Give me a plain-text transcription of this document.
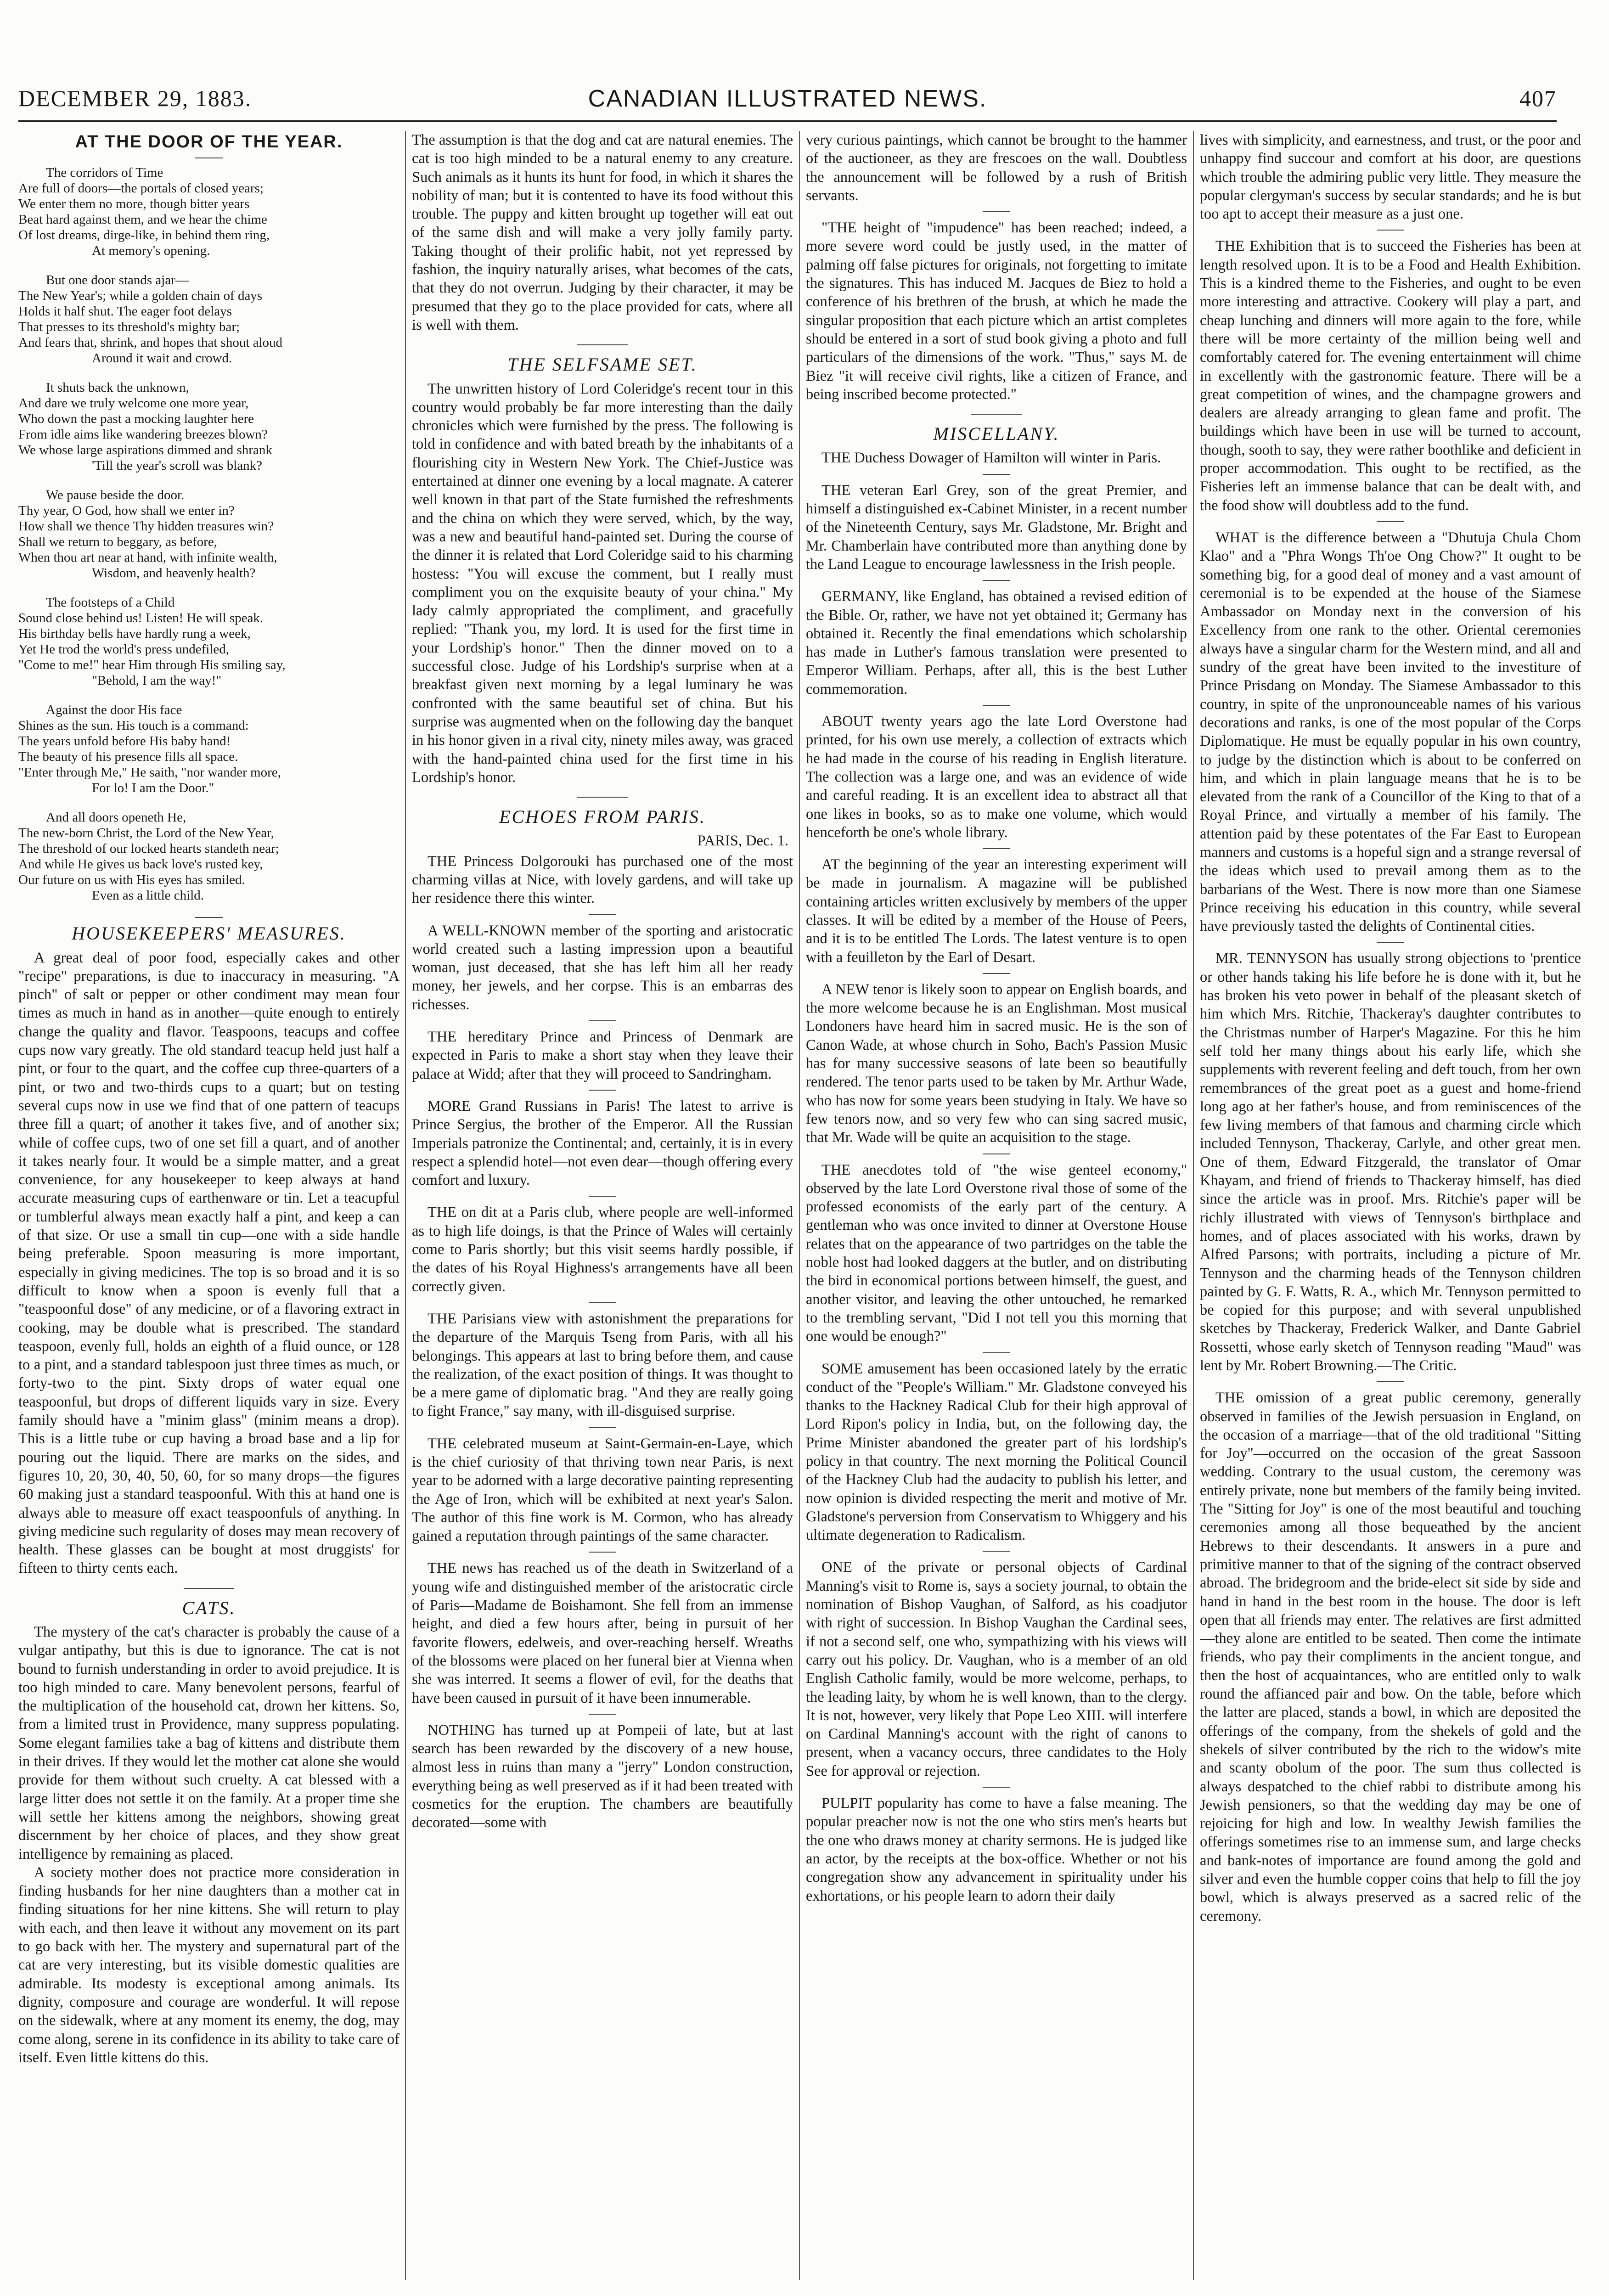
DECEMBER 29, 1883.	CANADIAN ILLUSTRATED NEWS.	407
AT THE DOOR OF THE YEAR.
The corridors of Time
Are full of doors—the portals of closed years;
We enter them no more, though bitter years
Beat hard against them, and we hear the chime
Of lost dreams, dirge-like, in behind them ring,
At memory's opening.
But one door stands ajar—
The New Year's; while a golden chain of days
Holds it half shut. The eager foot delays
That presses to its threshold's mighty bar;
And fears that, shrink, and hopes that shout aloud
Around it wait and crowd.
It shuts back the unknown,
And dare we truly welcome one more year,
Who down the past a mocking laughter here
From idle aims like wandering breezes blown?
We whose large aspirations dimmed and shrank
'Till the year's scroll was blank?
We pause beside the door.
Thy year, O God, how shall we enter in?
How shall we thence Thy hidden treasures win?
Shall we return to beggary, as before,
When thou art near at hand, with infinite wealth,
Wisdom, and heavenly health?
The footsteps of a Child
Sound close behind us! Listen! He will speak.
His birthday bells have hardly rung a week,
Yet He trod the world's press undefiled,
"Come to me!" hear Him through His smiling say,
"Behold, I am the way!"
Against the door His face
Shines as the sun. His touch is a command:
The years unfold before His baby hand!
The beauty of his presence fills all space.
"Enter through Me," He saith, "nor wander more,
For lo! I am the Door."
And all doors openeth He,
The new-born Christ, the Lord of the New Year,
The threshold of our locked hearts standeth near;
And while He gives us back love's rusted key,
Our future on us with His eyes has smiled.
Even as a little child.
HOUSEKEEPERS' MEASURES.

A great deal of poor food, especially cakes and other "recipe" preparations, is due to inaccuracy in measuring. "A pinch" of salt or pepper or other condiment may mean four times as much in hand as in another—quite enough to entirely change the quality and flavor. Teaspoons, teacups and coffee cups now vary greatly. The old standard teacup held just half a pint, or four to the quart, and the coffee cup three-quarters of a pint, or two and two-thirds cups to a quart; but on testing several cups now in use we find that of one pattern of teacups three fill a quart; of another it takes five, and of another six; while of coffee cups, two of one set fill a quart, and of another it takes nearly four. It would be a simple matter, and a great convenience, for any housekeeper to keep always at hand accurate measuring cups of earthenware or tin. Let a teacupful or tumblerful always mean exactly half a pint, and keep a can of that size. Or use a small tin cup—one with a side handle being preferable. Spoon measuring is more important, especially in giving medicines. The top is so broad and it is so difficult to know when a spoon is evenly full that a "teaspoonful dose" of any medicine, or of a flavoring extract in cooking, may be double what is prescribed. The standard teaspoon, evenly full, holds an eighth of a fluid ounce, or 128 to a pint, and a standard tablespoon just three times as much, or forty-two to the pint. Sixty drops of water equal one teaspoonful, but drops of different liquids vary in size. Every family should have a "minim glass" (minim means a drop). This is a little tube or cup having a broad base and a lip for pouring out the liquid. There are marks on the sides, and figures 10, 20, 30, 40, 50, 60, for so many drops—the figures 60 making just a standard teaspoonful. With this at hand one is always able to measure off exact teaspoonfuls of anything. In giving medicine such regularity of doses may mean recovery of health. These glasses can be bought at most druggists' for fifteen to thirty cents each.

CATS.

The mystery of the cat's character is probably the cause of a vulgar antipathy, but this is due to ignorance. The cat is not bound to furnish understanding in order to avoid prejudice. It is too high minded to care. Many benevolent persons, fearful of the multiplication of the household cat, drown her kittens. So, from a limited trust in Providence, many suppress populating. Some elegant families take a bag of kittens and distribute them in their drives. If they would let the mother cat alone she would provide for them without such cruelty. A cat blessed with a large litter does not settle it on the family. At a proper time she will settle her kittens among the neighbors, showing great discernment by her choice of places, and they show great intelligence by remaining as placed.

A society mother does not practice more consideration in finding husbands for her nine daughters than a mother cat in finding situations for her nine kittens. She will return to play with each, and then leave it without any movement on its part to go back with her. The mystery and supernatural part of the cat are very interesting, but its visible domestic qualities are admirable. Its modesty is exceptional among animals. Its dignity, composure and courage are wonderful. It will repose on the sidewalk, where at any moment its enemy, the dog, may come along, serene in its confidence in its ability to take care of itself. Even little kittens do this.

The assumption is that the dog and cat are natural enemies. The cat is too high minded to be a natural enemy to any creature. Such animals as it hunts its hunt for food, in which it shares the nobility of man; but it is contented to have its food without this trouble. The puppy and kitten brought up together will eat out of the same dish and will make a very jolly family party. Taking thought of their prolific habit, not yet repressed by fashion, the inquiry naturally arises, what becomes of the cats, that they do not overrun. Judging by their character, it may be presumed that they go to the place provided for cats, where all is well with them.

THE SELFSAME SET.

The unwritten history of Lord Coleridge's recent tour in this country would probably be far more interesting than the daily chronicles which were furnished by the press. The following is told in confidence and with bated breath by the inhabitants of a flourishing city in Western New York. The Chief-Justice was entertained at dinner one evening by a local magnate. A caterer well known in that part of the State furnished the refreshments and the china on which they were served, which, by the way, was a new and beautiful hand-painted set. During the course of the dinner it is related that Lord Coleridge said to his charming hostess: "You will excuse the comment, but I really must compliment you on the exquisite beauty of your china." My lady calmly appropriated the compliment, and gracefully replied: "Thank you, my lord. It is used for the first time in your Lordship's honor." Then the dinner moved on to a successful close. Judge of his Lordship's surprise when at a breakfast given next morning by a legal luminary he was confronted with the same beautiful set of china. But his surprise was augmented when on the following day the banquet in his honor given in a rival city, ninety miles away, was graced with the hand-painted china used for the first time in his Lordship's honor.

ECHOES FROM PARIS.
PARIS, Dec. 1.

THE Princess Dolgorouki has purchased one of the most charming villas at Nice, with lovely gardens, and will take up her residence there this winter.

A WELL-KNOWN member of the sporting and aristocratic world created such a lasting impression upon a beautiful woman, just deceased, that she has left him all her ready money, her jewels, and her corpse. This is an embarras des richesses.

THE hereditary Prince and Princess of Denmark are expected in Paris to make a short stay when they leave their palace at Widd; after that they will proceed to Sandringham.

MORE Grand Russians in Paris! The latest to arrive is Prince Sergius, the brother of the Emperor. All the Russian Imperials patronize the Continental; and, certainly, it is in every respect a splendid hotel—not even dear—though offering every comfort and luxury.

THE on dit at a Paris club, where people are well-informed as to high life doings, is that the Prince of Wales will certainly come to Paris shortly; but this visit seems hardly possible, if the dates of his Royal Highness's arrangements have all been correctly given.

THE Parisians view with astonishment the preparations for the departure of the Marquis Tseng from Paris, with all his belongings. This appears at last to bring before them, and cause the realization, of the exact position of things. It was thought to be a mere game of diplomatic brag. "And they are really going to fight France," say many, with ill-disguised surprise.

THE celebrated museum at Saint-Germain-en-Laye, which is the chief curiosity of that thriving town near Paris, is next year to be adorned with a large decorative painting representing the Age of Iron, which will be exhibited at next year's Salon. The author of this fine work is M. Cormon, who has already gained a reputation through paintings of the same character.

THE news has reached us of the death in Switzerland of a young wife and distinguished member of the aristocratic circle of Paris—Madame de Boishamont. She fell from an immense height, and died a few hours after, being in pursuit of her favorite flowers, edelweis, and over-reaching herself. Wreaths of the blossoms were placed on her funeral bier at Vienna when she was interred. It seems a flower of evil, for the deaths that have been caused in pursuit of it have been innumerable.

NOTHING has turned up at Pompeii of late, but at last search has been rewarded by the discovery of a new house, almost less in ruins than many a "jerry" London construction, everything being as well preserved as if it had been treated with cosmetics for the eruption. The chambers are beautifully decorated—some with

very curious paintings, which cannot be brought to the hammer of the auctioneer, as they are frescoes on the wall. Doubtless the announcement will be followed by a rush of British servants.

"THE height of "impudence" has been reached; indeed, a more severe word could be justly used, in the matter of palming off false pictures for originals, not forgetting to imitate the signatures. This has induced M. Jacques de Biez to hold a conference of his brethren of the brush, at which he made the singular proposition that each picture which an artist completes should be entered in a sort of stud book giving a photo and full particulars of the dimensions of the work. "Thus," says M. de Biez "it will receive civil rights, like a citizen of France, and being inscribed become protected."

MISCELLANY.

THE Duchess Dowager of Hamilton will winter in Paris.

THE veteran Earl Grey, son of the great Premier, and himself a distinguished ex-Cabinet Minister, in a recent number of the Nineteenth Century, says Mr. Gladstone, Mr. Bright and Mr. Chamberlain have contributed more than anything done by the Land League to encourage lawlessness in the Irish people.

GERMANY, like England, has obtained a revised edition of the Bible. Or, rather, we have not yet obtained it; Germany has obtained it. Recently the final emendations which scholarship has made in Luther's famous translation were presented to Emperor William. Perhaps, after all, this is the best Luther commemoration.

ABOUT twenty years ago the late Lord Overstone had printed, for his own use merely, a collection of extracts which he had made in the course of his reading in English literature. The collection was a large one, and was an evidence of wide and careful reading. It is an excellent idea to abstract all that one likes in books, so as to make one volume, which would henceforth be one's whole library.

AT the beginning of the year an interesting experiment will be made in journalism. A magazine will be published containing articles written exclusively by members of the upper classes. It will be edited by a member of the House of Peers, and it is to be entitled The Lords. The latest venture is to open with a feuilleton by the Earl of Desart.

A NEW tenor is likely soon to appear on English boards, and the more welcome because he is an Englishman. Most musical Londoners have heard him in sacred music. He is the son of Canon Wade, at whose church in Soho, Bach's Passion Music has for many successive seasons of late been so beautifully rendered. The tenor parts used to be taken by Mr. Arthur Wade, who has now for some years been studying in Italy. We have so few tenors now, and so very few who can sing sacred music, that Mr. Wade will be quite an acquisition to the stage.

THE anecdotes told of "the wise genteel economy," observed by the late Lord Overstone rival those of some of the professed economists of the early part of the century. A gentleman who was once invited to dinner at Overstone House relates that on the appearance of two partridges on the table the noble host had looked daggers at the butler, and on distributing the bird in economical portions between himself, the guest, and another visitor, and leaving the other untouched, he remarked to the trembling servant, "Did I not tell you this morning that one would be enough?"

SOME amusement has been occasioned lately by the erratic conduct of the "People's William." Mr. Gladstone conveyed his thanks to the Hackney Radical Club for their high approval of Lord Ripon's policy in India, but, on the following day, the Prime Minister abandoned the greater part of his lordship's policy in that country. The next morning the Political Council of the Hackney Club had the audacity to publish his letter, and now opinion is divided respecting the merit and motive of Mr. Gladstone's perversion from Conservatism to Whiggery and his ultimate degeneration to Radicalism.

ONE of the private or personal objects of Cardinal Manning's visit to Rome is, says a society journal, to obtain the nomination of Bishop Vaughan, of Salford, as his coadjutor with right of succession. In Bishop Vaughan the Cardinal sees, if not a second self, one who, sympathizing with his views will carry out his policy. Dr. Vaughan, who is a member of an old English Catholic family, would be more welcome, perhaps, to the leading laity, by whom he is well known, than to the clergy. It is not, however, very likely that Pope Leo XIII. will interfere on Cardinal Manning's account with the right of canons to present, when a vacancy occurs, three candidates to the Holy See for approval or rejection.

PULPIT popularity has come to have a false meaning. The popular preacher now is not the one who stirs men's hearts but the one who draws money at charity sermons. He is judged like an actor, by the receipts at the box-office. Whether or not his congregation show any advancement in spirituality under his exhortations, or his people learn to adorn their daily

lives with simplicity, and earnestness, and trust, or the poor and unhappy find succour and comfort at his door, are questions which trouble the admiring public very little. They measure the popular clergyman's success by secular standards; and he is but too apt to accept their measure as a just one.

THE Exhibition that is to succeed the Fisheries has been at length resolved upon. It is to be a Food and Health Exhibition. This is a kindred theme to the Fisheries, and ought to be even more interesting and attractive. Cookery will play a part, and cheap lunching and dinners will more again to the fore, while there will be more certainty of the million being well and comfortably catered for. The evening entertainment will chime in excellently with the gastronomic feature. There will be a great competition of wines, and the champagne growers and dealers are already arranging to glean fame and profit. The buildings which have been in use will be turned to account, though, sooth to say, they were rather boothlike and deficient in proper accommodation. This ought to be rectified, as the Fisheries left an immense balance that can be dealt with, and the food show will doubtless add to the fund.

WHAT is the difference between a "Dhutuja Chula Chom Klao" and a "Phra Wongs Th'oe Ong Chow?" It ought to be something big, for a good deal of money and a vast amount of ceremonial is to be expended at the house of the Siamese Ambassador on Monday next in the conversion of his Excellency from one rank to the other. Oriental ceremonies always have a singular charm for the Western mind, and all and sundry of the great have been invited to the investiture of Prince Prisdang on Monday. The Siamese Ambassador to this country, in spite of the unpronounceable names of his various decorations and ranks, is one of the most popular of the Corps Diplomatique. He must be equally popular in his own country, to judge by the distinction which is about to be conferred on him, and which in plain language means that he is to be elevated from the rank of a Councillor of the King to that of a Royal Prince, and virtually a member of his family. The attention paid by these potentates of the Far East to European manners and customs is a hopeful sign and a strange reversal of the ideas which used to prevail among them as to the barbarians of the West. There is now more than one Siamese Prince receiving his education in this country, while several have previously tasted the delights of Continental cities.

MR. TENNYSON has usually strong objections to 'prentice or other hands taking his life before he is done with it, but he has broken his veto power in behalf of the pleasant sketch of him which Mrs. Ritchie, Thackeray's daughter contributes to the Christmas number of Harper's Magazine. For this he him self told her many things about his early life, which she supplements with reverent feeling and deft touch, from her own remembrances of the great poet as a guest and home-friend long ago at her father's house, and from reminiscences of the few living members of that famous and charming circle which included Tennyson, Thackeray, Carlyle, and other great men. One of them, Edward Fitzgerald, the translator of Omar Khayam, and friend of friends to Thackeray himself, has died since the article was in proof. Mrs. Ritchie's paper will be richly illustrated with views of Tennyson's birthplace and homes, and of places associated with his works, drawn by Alfred Parsons; with portraits, including a picture of Mr. Tennyson and the charming heads of the Tennyson children painted by G. F. Watts, R. A., which Mr. Tennyson permitted to be copied for this purpose; and with several unpublished sketches by Thackeray, Frederick Walker, and Dante Gabriel Rossetti, whose early sketch of Tennyson reading "Maud" was lent by Mr. Robert Browning.—The Critic.

THE omission of a great public ceremony, generally observed in families of the Jewish persuasion in England, on the occasion of a marriage—that of the old traditional "Sitting for Joy"—occurred on the occasion of the great Sassoon wedding. Contrary to the usual custom, the ceremony was entirely private, none but members of the family being invited. The "Sitting for Joy" is one of the most beautiful and touching ceremonies among all those bequeathed by the ancient Hebrews to their descendants. It answers in a pure and primitive manner to that of the signing of the contract observed abroad. The bridegroom and the bride-elect sit side by side and hand in hand in the best room in the house. The door is left open that all friends may enter. The relatives are first admitted—they alone are entitled to be seated. Then come the intimate friends, who pay their compliments in the ancient tongue, and then the host of acquaintances, who are entitled only to walk round the affianced pair and bow. On the table, before which the latter are placed, stands a bowl, in which are deposited the offerings of the company, from the shekels of gold and the shekels of silver contributed by the rich to the widow's mite and scanty obolum of the poor. The sum thus collected is always despatched to the chief rabbi to distribute among his Jewish pensioners, so that the wedding day may be one of rejoicing for high and low. In wealthy Jewish families the offerings sometimes rise to an immense sum, and large checks and bank-notes of importance are found among the gold and silver and even the humble copper coins that help to fill the joy bowl, which is always preserved as a sacred relic of the ceremony.
